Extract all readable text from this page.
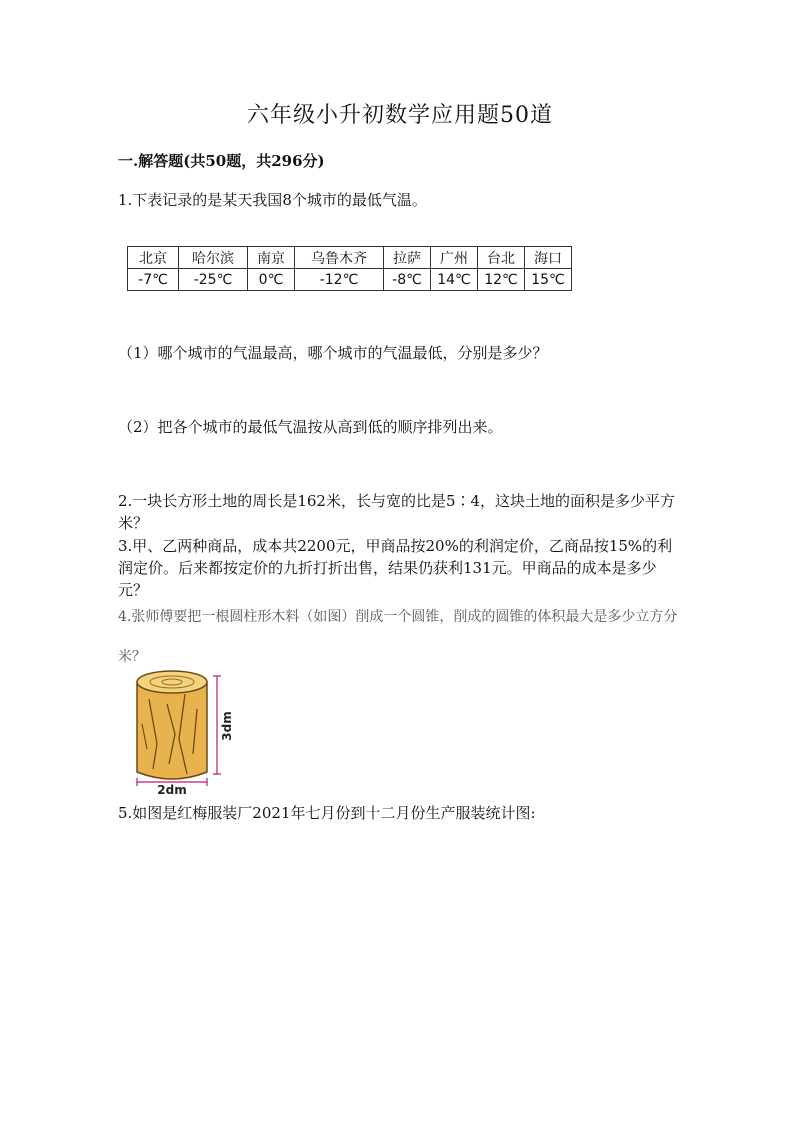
六年级小升初数学应用题50道
一.解答题(共50题，共296分)
1.下表记录的是某天我国8个城市的最低气温。
北京	哈尔滨	南京	乌鲁木齐	拉萨	广州	台北	海口
-7℃	-25℃	0℃	-12℃	-8℃	14℃	12℃	15℃
（1）哪个城市的气温最高，哪个城市的气温最低，分别是多少？
（2）把各个城市的最低气温按从高到低的顺序排列出来。
2.一块长方形土地的周长是162米，长与宽的比是5∶4，这块土地的面积是多少平方米？
3.甲、乙两种商品，成本共2200元，甲商品按20%的利润定价，乙商品按15%的利润定价。后来都按定价的九折打折出售，结果仍获利131元。甲商品的成本是多少元？
4.张师傅要把一根圆柱形木料（如图）削成一个圆锥，削成的圆锥的体积最大是多少立方分米？
3dm
2dm
5.如图是红梅服装厂2021年七月份到十二月份生产服装统计图:
